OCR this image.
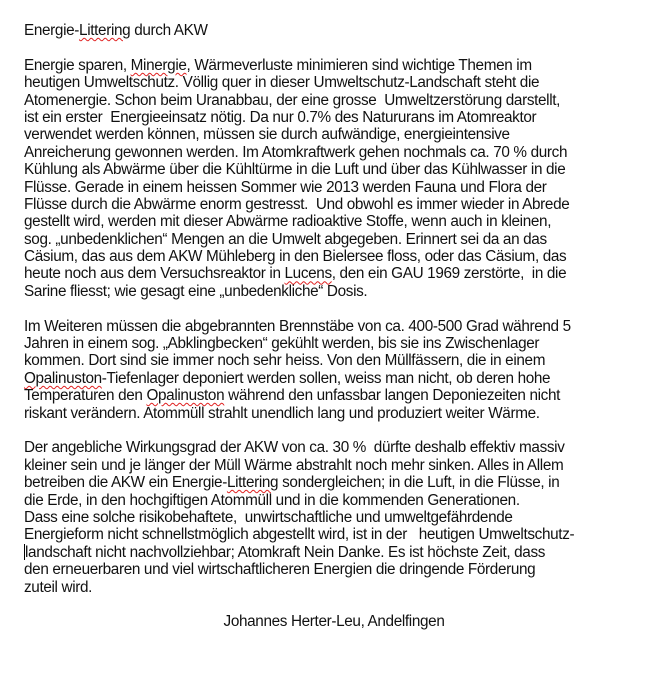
Energie-Littering durch AKW
Energie sparen, Minergie, Wärmeverluste minimieren sind wichtige Themen im
heutigen Umweltschutz. Völlig quer in dieser Umweltschutz-Landschaft steht die
Atomenergie. Schon beim Uranabbau, der eine grosse  Umweltzerstörung darstellt,
ist ein erster  Energieeinsatz nötig. Da nur 0.7% des Natururans im Atomreaktor
verwendet werden können, müssen sie durch aufwändige, energieintensive
Anreicherung gewonnen werden. Im Atomkraftwerk gehen nochmals ca. 70 % durch
Kühlung als Abwärme über die Kühltürme in die Luft und über das Kühlwasser in die
Flüsse. Gerade in einem heissen Sommer wie 2013 werden Fauna und Flora der
Flüsse durch die Abwärme enorm gestresst.  Und obwohl es immer wieder in Abrede
gestellt wird, werden mit dieser Abwärme radioaktive Stoffe, wenn auch in kleinen,
sog. „unbedenklichen“ Mengen an die Umwelt abgegeben. Erinnert sei da an das
Cäsium, das aus dem AKW Mühleberg in den Bielersee floss, oder das Cäsium, das
heute noch aus dem Versuchsreaktor in Lucens, den ein GAU 1969 zerstörte,  in die
Sarine fliesst; wie gesagt eine „unbedenkliche“ Dosis.
Im Weiteren müssen die abgebrannten Brennstäbe von ca. 400-500 Grad während 5
Jahren in einem sog. „Abklingbecken“ gekühlt werden, bis sie ins Zwischenlager
kommen. Dort sind sie immer noch sehr heiss. Von den Müllfässern, die in einem
Opalinuston-Tiefenlager deponiert werden sollen, weiss man nicht, ob deren hohe
Temperaturen den Opalinuston während den unfassbar langen Deponiezeiten nicht
riskant verändern. Atommüll strahlt unendlich lang und produziert weiter Wärme.
Der angebliche Wirkungsgrad der AKW von ca. 30 %  dürfte deshalb effektiv massiv
kleiner sein und je länger der Müll Wärme abstrahlt noch mehr sinken. Alles in Allem
betreiben die AKW ein Energie-Littering sondergleichen; in die Luft, in die Flüsse, in
die Erde, in den hochgiftigen Atommüll und in die kommenden Generationen.
Dass eine solche risikobehaftete,  unwirtschaftliche und umweltgefährdende
Energieform nicht schnellstmöglich abgestellt wird, ist in der   heutigen Umweltschutz-
landschaft nicht nachvollziehbar; Atomkraft Nein Danke. Es ist höchste Zeit, dass
den erneuerbaren und viel wirtschaftlicheren Energien die dringende Förderung
zuteil wird.
Johannes Herter-Leu, Andelfingen
